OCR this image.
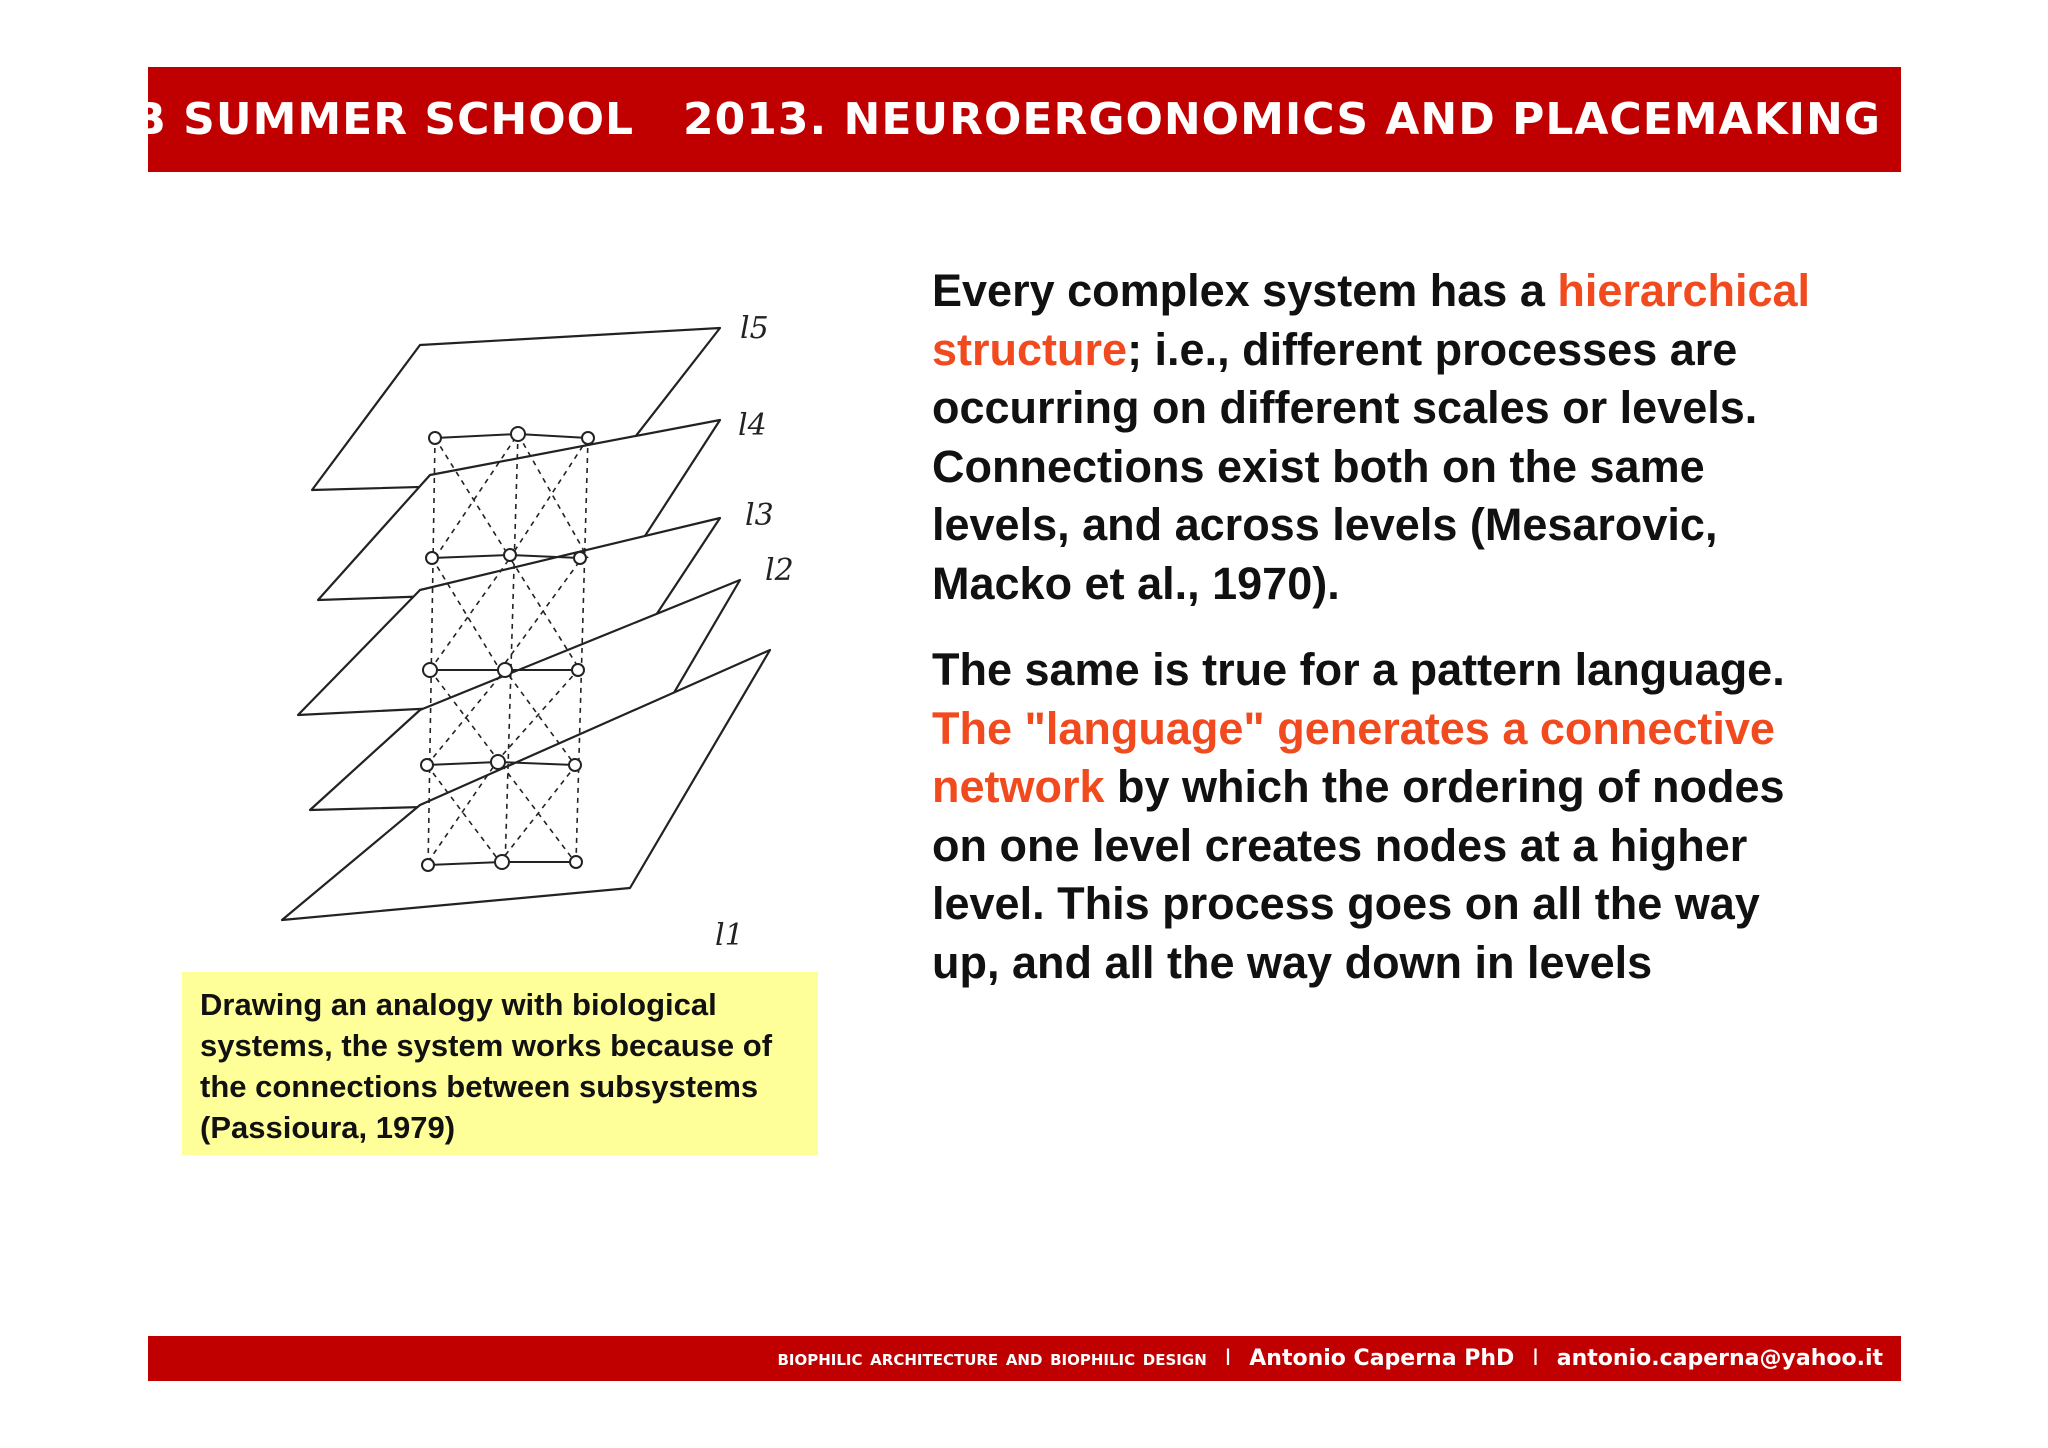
ISB SUMMER SCHOOL   2013. NEUROERGONOMICS AND PLACEMAKING
l5
l4
l3
l2
l1
Drawing an analogy with biological systems, the system works because of the connections between subsystems (Passioura, 1979)

Every complex system has a hierarchical structure; i.e., different processes are occurring on different scales or levels. Connections exist both on the same levels, and across levels (Mesarovic, Macko et al., 1970).

The same is true for a pattern language. The "language" generates a connective network by which the ordering of nodes on one level creates nodes at a higher level. This process goes on all the way up, and all the way down in levels

biophilic architecture and biophilic design I Antonio Caperna PhD I antonio.caperna@yahoo.it
